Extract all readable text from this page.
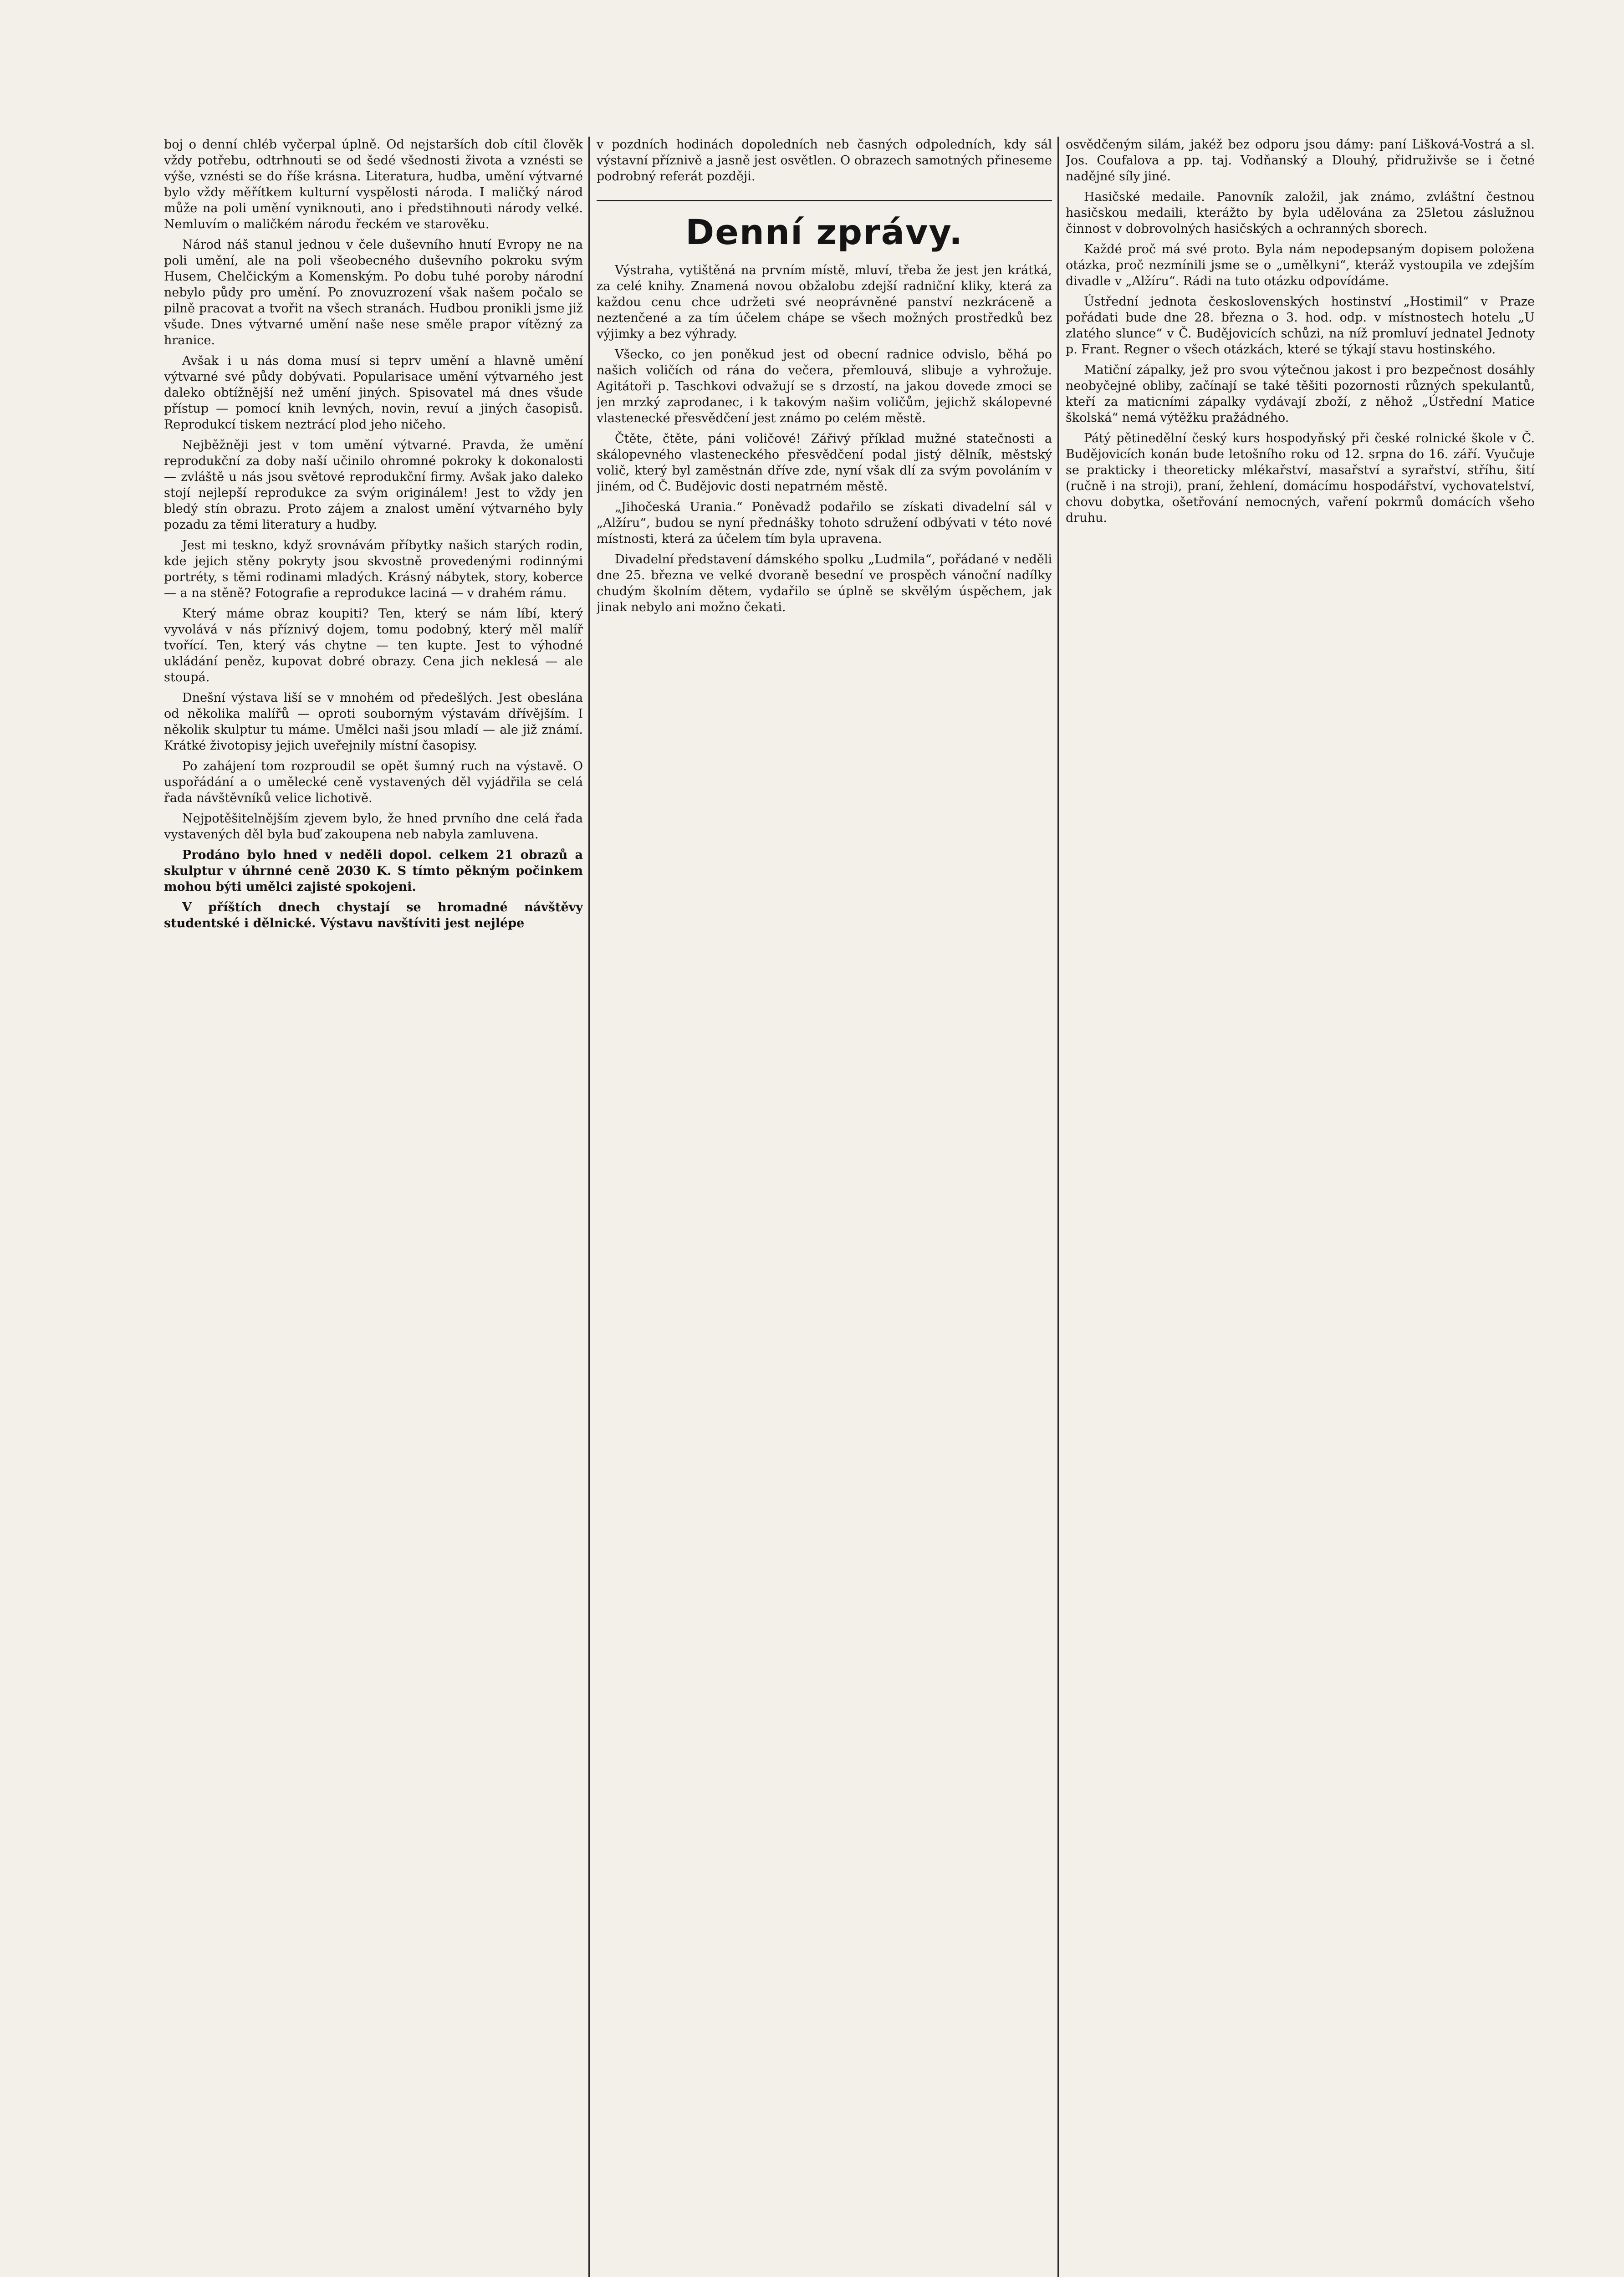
boj o denní chléb vyčerpal úplně. Od nejstarších dob cítil člověk vždy potřebu, odtrhnouti se od šedé všednosti života a vznésti se výše, vznésti se do říše krásna. Literatura, hudba, umění výtvarné bylo vždy měřítkem kulturní vyspělosti národa. I maličký národ může na poli umění vyniknouti, ano i předstihnouti národy velké. Nemluvím o maličkém národu řeckém ve starověku.

Národ náš stanul jednou v čele duševního hnutí Evropy ne na poli umění, ale na poli všeobecného duševního pokroku svým Husem, Chelčickým a Komenským. Po dobu tuhé poroby národní nebylo půdy pro umění. Po znovuzrození však našem počalo se pilně pracovat a tvořit na všech stranách. Hudbou pronikli jsme již všude. Dnes výtvarné umění naše nese směle prapor vítězný za hranice.

Avšak i u nás doma musí si teprv umění a hlavně umění výtvarné své půdy dobývati. Popularisace umění výtvarného jest daleko obtížnější než umění jiných. Spisovatel má dnes všude přístup — pomocí knih levných, novin, revuí a jiných časopisů. Reprodukcí tiskem neztrácí plod jeho ničeho.

Nejběžněji jest v tom umění výtvarné. Pravda, že umění reprodukční za doby naší učinilo ohromné pokroky k dokonalosti — zvláště u nás jsou světové reprodukční firmy. Avšak jako daleko stojí nejlepší reprodukce za svým originálem! Jest to vždy jen bledý stín obrazu. Proto zájem a znalost umění výtvarného byly pozadu za těmi literatury a hudby.

Jest mi teskno, když srovnávám příbytky našich starých rodin, kde jejich stěny pokryty jsou skvostně provedenými rodinnými portréty, s těmi rodinami mladých. Krásný nábytek, story, koberce — a na stěně? Fotografie a reprodukce laciná — v drahém rámu.

Který máme obraz koupiti? Ten, který se nám líbí, který vyvolává v nás příznivý dojem, tomu podobný, který měl malíř tvořící. Ten, který vás chytne — ten kupte. Jest to výhodné ukládání peněz, kupovat dobré obrazy. Cena jich neklesá — ale stoupá.

Dnešní výstava liší se v mnohém od předešlých. Jest obeslána od několika malířů — oproti souborným výstavám dřívějším. I několik skulptur tu máme. Umělci naši jsou mladí — ale již známí. Krátké životopisy jejich uveřejnily místní časopisy.

Po zahájení tom rozproudil se opět šumný ruch na výstavě. O uspořádání a o umělecké ceně vystavených děl vyjádřila se celá řada návštěvníků velice lichotivě.

Nejpotěšitelnějším zjevem bylo, že hned prvního dne celá řada vystavených děl byla buď zakoupena neb nabyla zamluvena.

Prodáno bylo hned v neděli dopol. celkem 21 obrazů a skulptur v úhrnné ceně 2030 K. S tímto pěkným počinkem mohou býti umělci zajisté spokojeni.

V příštích dnech chystají se hromadné návštěvy studentské i dělnické. Výstavu navštíviti jest nejlépe

v pozdních hodinách dopoledních neb časných odpoledních, kdy sál výstavní příznivě a jasně jest osvětlen. O obrazech samotných přineseme podrobný referát později.

Denní zprávy.

Výstraha, vytištěná na prvním místě, mluví, třeba že jest jen krátká, za celé knihy. Znamená novou obžalobu zdejší radniční kliky, která za každou cenu chce udržeti své neoprávněné panství nezkráceně a neztenčené a za tím účelem chápe se všech možných prostředků bez výjimky a bez výhrady.

Všecko, co jen poněkud jest od obecní radnice odvislo, běhá po našich voličích od rána do večera, přemlouvá, slibuje a vyhrožuje. Agitátoři p. Taschkovi odvažují se s drzostí, na jakou dovede zmoci se jen mrzký zaprodanec, i k takovým našim voličům, jejichž skálopevné vlastenecké přesvědčení jest známo po celém městě.

Čtěte, čtěte, páni voličové! Zářivý příklad mužné statečnosti a skálopevného vlasteneckého přesvědčení podal jistý dělník, městský volič, který byl zaměstnán dříve zde, nyní však dlí za svým povoláním v jiném, od Č. Budějovic dosti nepatrném městě.

„Jihočeská Urania.“ Poněvadž podařilo se získati divadelní sál v „Alžíru“, budou se nyní přednášky tohoto sdružení odbývati v této nové místnosti, která za účelem tím byla upravena.

Divadelní představení dámského spolku „Ludmila“, pořádané v neděli dne 25. března ve velké dvoraně besední ve prospěch vánoční nadílky chudým školním dětem, vydařilo se úplně se skvělým úspěchem, jak jinak nebylo ani možno čekati.

osvědčeným silám, jakéž bez odporu jsou dámy: paní Lišková-Vostrá a sl. Jos. Coufalova a pp. taj. Vodňanský a Dlouhý, přidruživše se i četné nadějné síly jiné.

Hasičské medaile. Panovník založil, jak známo, zvláštní čestnou hasičskou medaili, kterážto by byla udělována za 25letou záslužnou činnost v dobrovolných hasičských a ochranných sborech.

Každé proč má své proto. Byla nám nepodepsaným dopisem položena otázka, proč nezmínili jsme se o „umělkyni“, kteráž vystoupila ve zdejším divadle v „Alžíru“. Rádi na tuto otázku odpovídáme.

Ústřední jednota československých hostinství „Hostimil“ v Praze pořádati bude dne 28. března o 3. hod. odp. v místnostech hotelu „U zlatého slunce“ v Č. Budějovicích schůzi, na níž promluví jednatel Jednoty p. Frant. Regner o všech otázkách, které se týkají stavu hostinského.

Matiční zápalky, jež pro svou výtečnou jakost i pro bezpečnost dosáhly neobyčejné obliby, začínají se také těšiti pozornosti různých spekulantů, kteří za maticními zápalky vydávají zboží, z něhož „Ústřední Matice školská“ nemá výtěžku pražádného.

Pátý pětinedělní český kurs hospodyňský při české rolnické škole v Č. Budějovicích konán bude letošního roku od 12. srpna do 16. září. Vyučuje se prakticky i theoreticky mlékařství, masařství a syrařství, stříhu, šití (ručně i na stroji), praní, žehlení, domácímu hospodářství, vychovatelství, chovu dobytka, ošetřování nemocných, vaření pokrmů domácích všeho druhu.
